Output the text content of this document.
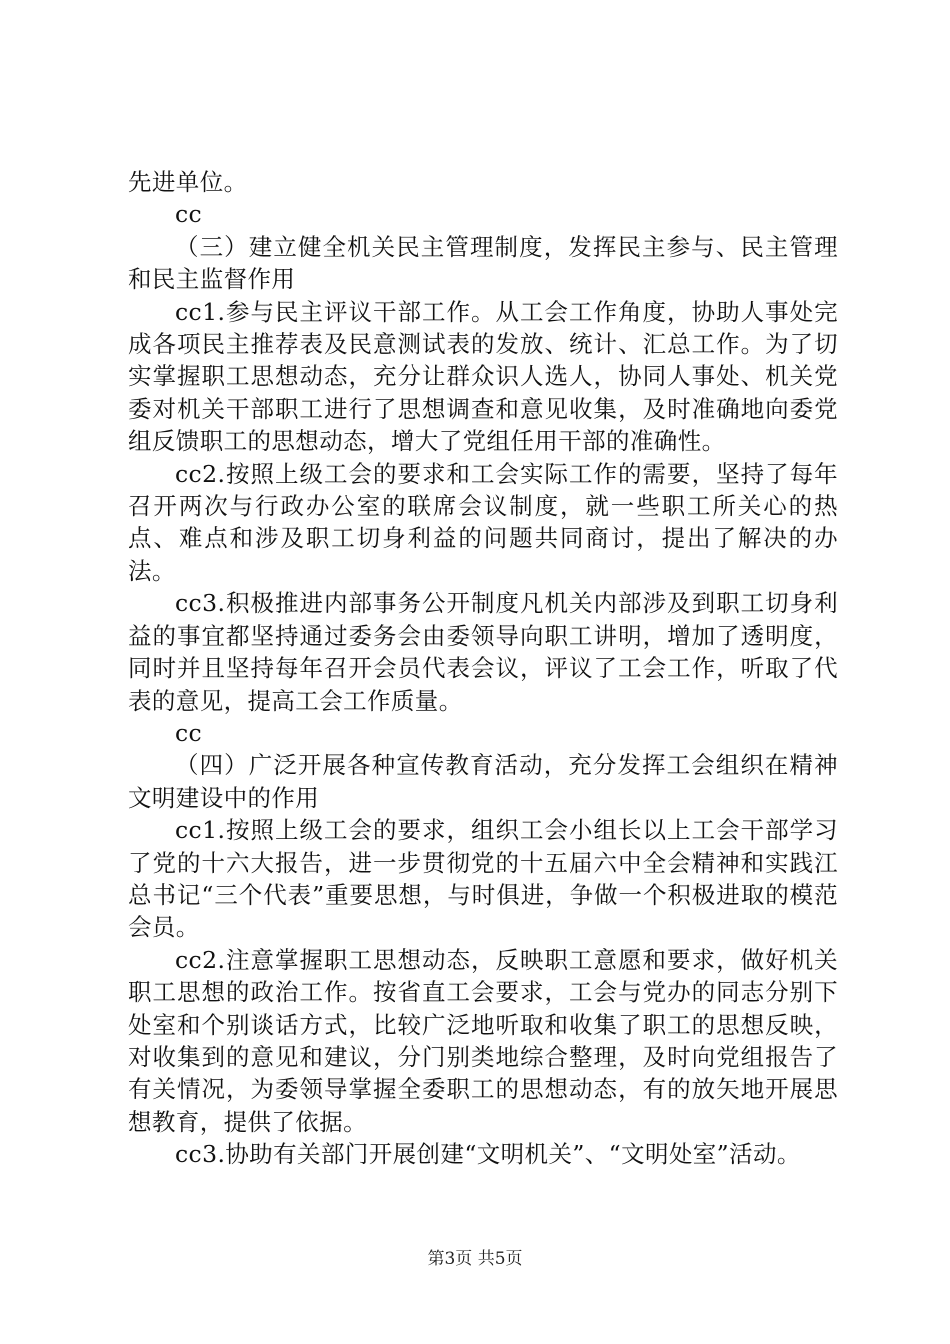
先进单位。

cc

（三）建立健全机关民主管理制度，发挥民主参与、民主管理和民主监督作用

cc1.参与民主评议干部工作。从工会工作角度，协助人事处完成各项民主推荐表及民意测试表的发放、统计、汇总工作。为了切实掌握职工思想动态，充分让群众识人选人，协同人事处、机关党委对机关干部职工进行了思想调查和意见收集，及时准确地向委党组反馈职工的思想动态，增大了党组任用干部的准确性。

cc2.按照上级工会的要求和工会实际工作的需要，坚持了每年召开两次与行政办公室的联席会议制度，就一些职工所关心的热点、难点和涉及职工切身利益的问题共同商讨，提出了解决的办法。

cc3.积极推进内部事务公开制度凡机关内部涉及到职工切身利益的事宜都坚持通过委务会由委领导向职工讲明，增加了透明度，同时并且坚持每年召开会员代表会议，评议了工会工作，听取了代表的意见，提高工会工作质量。

cc

（四）广泛开展各种宣传教育活动，充分发挥工会组织在精神文明建设中的作用

cc1.按照上级工会的要求，组织工会小组长以上工会干部学习了党的十六大报告，进一步贯彻党的十五届六中全会精神和实践江总书记“三个代表”重要思想，与时俱进，争做一个积极进取的模范会员。

cc2.注意掌握职工思想动态，反映职工意愿和要求，做好机关职工思想的政治工作。按省直工会要求，工会与党办的同志分别下处室和个别谈话方式，比较广泛地听取和收集了职工的思想反映，对收集到的意见和建议，分门别类地综合整理，及时向党组报告了有关情况，为委领导掌握全委职工的思想动态，有的放矢地开展思想教育，提供了依据。

cc3.协助有关部门开展创建“文明机关”、“文明处室”活动。

第3页 共5页
